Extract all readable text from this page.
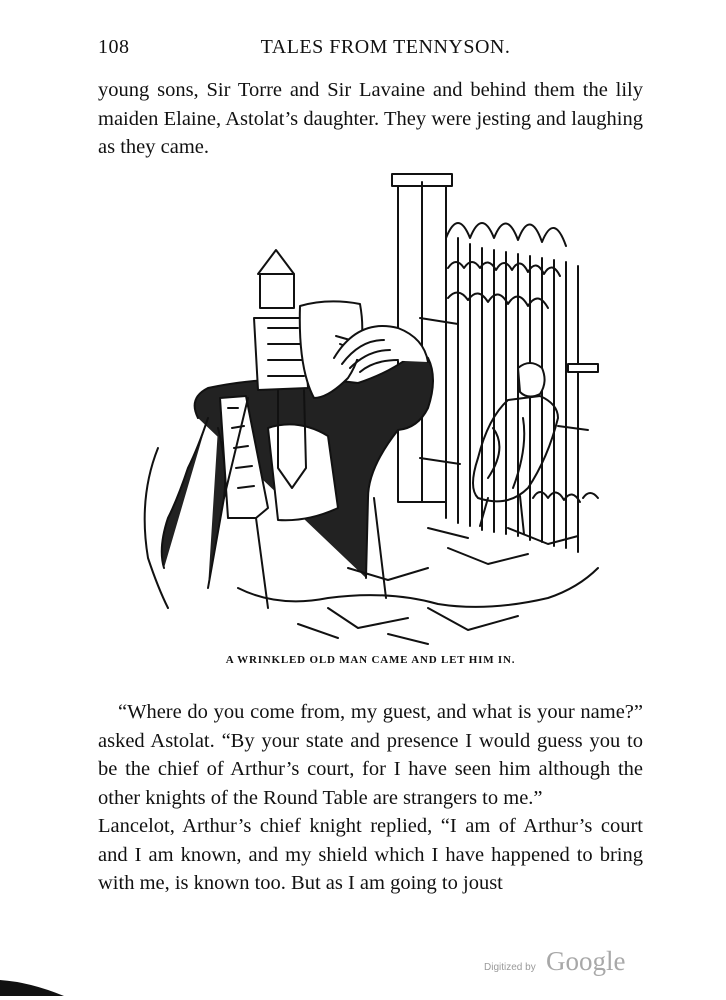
108	TALES FROM TENNYSON.
young sons, Sir Torre and Sir Lavaine and behind them the lily maiden Elaine, Astolat’s daughter. They were jesting and laughing as they came.
A WRINKLED OLD MAN CAME AND LET HIM IN.
“Where do you come from, my guest, and what is your name?” asked Astolat. “By your state and presence I would guess you to be the chief of Arthur’s court, for I have seen him although the other knights of the Round Table are strangers to me.”
Lancelot, Arthur’s chief knight replied, “I am of Arthur’s court and I am known, and my shield which I have happened to bring with me, is known too. But as I am going to joust
Digitized by Google
